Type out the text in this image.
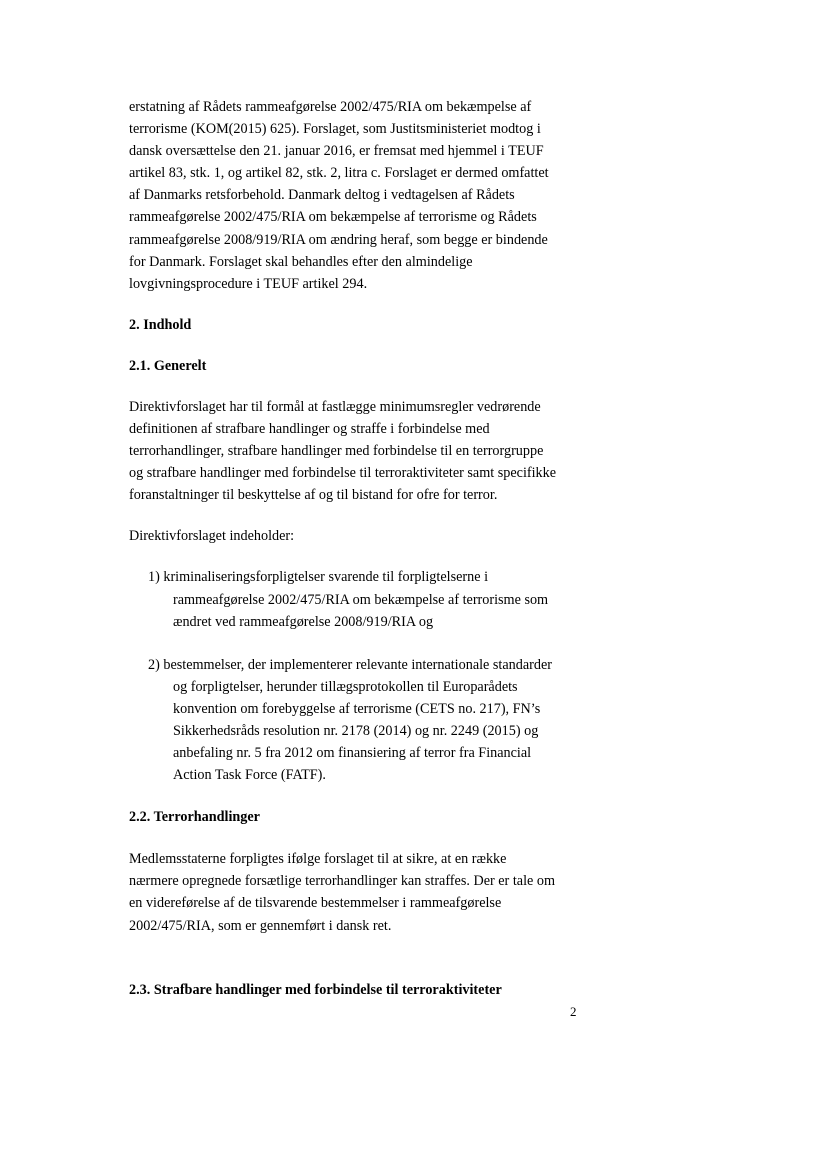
erstatning af Rådets rammeafgørelse 2002/475/RIA om bekæmpelse af terrorisme (KOM(2015) 625). Forslaget, som Justitsministeriet modtog i dansk oversættelse den 21. januar 2016, er fremsat med hjemmel i TEUF artikel 83, stk. 1, og artikel 82, stk. 2, litra c. Forslaget er dermed omfattet af Danmarks retsforbehold. Danmark deltog i vedtagelsen af Rådets rammeafgørelse 2002/475/RIA om bekæmpelse af terrorisme og Rådets rammeafgørelse 2008/919/RIA om ændring heraf, som begge er bindende for Danmark. Forslaget skal behandles efter den almindelige lovgivningsprocedure i TEUF artikel 294.

2. Indhold

2.1. Generelt

Direktivforslaget har til formål at fastlægge minimumsregler vedrørende definitionen af strafbare handlinger og straffe i forbindelse med terrorhandlinger, strafbare handlinger med forbindelse til en terrorgruppe og strafbare handlinger med forbindelse til terroraktiviteter samt specifikke foranstaltninger til beskyttelse af og til bistand for ofre for terror.

Direktivforslaget indeholder:

1) kriminaliseringsforpligtelser svarende til forpligtelserne i rammeafgørelse 2002/475/RIA om bekæmpelse af terrorisme som ændret ved rammeafgørelse 2008/919/RIA og
2) bestemmelser, der implementerer relevante internationale standarder og forpligtelser, herunder tillægsprotokollen til Europarådets konvention om forebyggelse af terrorisme (CETS no. 217), FN’s Sikkerhedsråds resolution nr. 2178 (2014) og nr. 2249 (2015) og anbefaling nr. 5 fra 2012 om finansiering af terror fra Financial Action Task Force (FATF).

2.2. Terrorhandlinger

Medlemsstaterne forpligtes ifølge forslaget til at sikre, at en række nærmere opregnede forsætlige terrorhandlinger kan straffes. Der er tale om en videreførelse af de tilsvarende bestemmelser i rammeafgørelse 2002/475/RIA, som er gennemført i dansk ret.

2.3. Strafbare handlinger med forbindelse til terroraktiviteter

2
